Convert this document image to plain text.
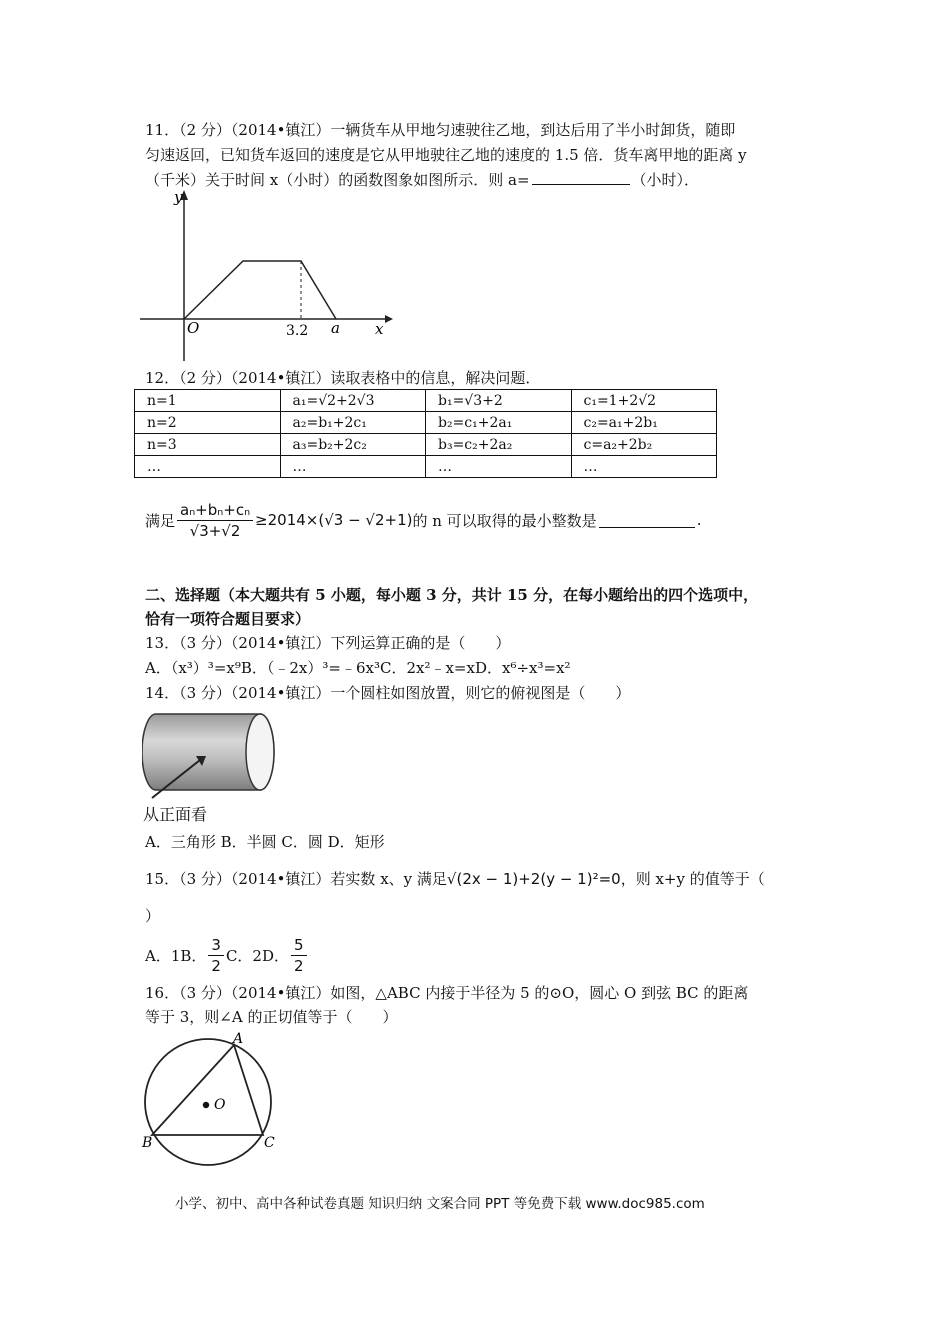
11．（2 分）（2014•镇江）一辆货车从甲地匀速驶往乙地，到达后用了半小时卸货，随即
匀速返回，已知货车返回的速度是它从甲地驶往乙地的速度的 1.5 倍．货车离甲地的距离 y
（千米）关于时间 x（小时）的函数图象如图所示．则 a=	（小时）．
y
x
O	3.2 a
12．（2 分）（2014•镇江）读取表格中的信息，解决问题．
n=1	a₁=√2+2√3	b₁=√3+2	c₁=1+2√2
n=2	a₂=b₁+2c₁	b₂=c₁+2a₁	c₂=a₁+2b₁
n=3	a₃=b₂+2c₂	b₃=c₂+2a₂	c=a₂+2b₂
…	…	…	…
满足 $\frac{\text{aₙ+bₙ+cₙ}}{√3+√2} \ge 2014\times(√3 - √2+1)$ 的 n 可以取得的最小整数是	.
二、选择题（本大题共有 5 小题，每小题 3 分，共计 15 分，在每小题给出的四个选项中，
恰有一项符合题目要求）
13．（3 分）（2014•镇江）下列运算正确的是（　　）
A．（x³）³=x⁹B．（﹣2x）³=﹣6x³C．2x²﹣x=xD．x⁶÷x³=x²
14．（3 分）（2014•镇江）一个圆柱如图放置，则它的俯视图是（　　）
从正面看
A．三角形 B．半圆 C．圆 D．矩形
15．（3 分）（2014•镇江）若实数 x、y 满足 √(2x − 1)+2(y − 1)²=0 ，则 x+y 的值等于（
）
A．1B． $\frac{3}{2}$ C．2D． $\frac{5}{2}$
16．（3 分）（2014•镇江）如图，△ABC 内接于半径为 5 的⊙O，圆心 O 到弦 BC 的距离
等于 3，则∠A 的正切值等于（　　）
A
B	C
O
小学、初中、高中各种试卷真题 知识归纳 文案合同 PPT 等免费下载 www.doc985.com
